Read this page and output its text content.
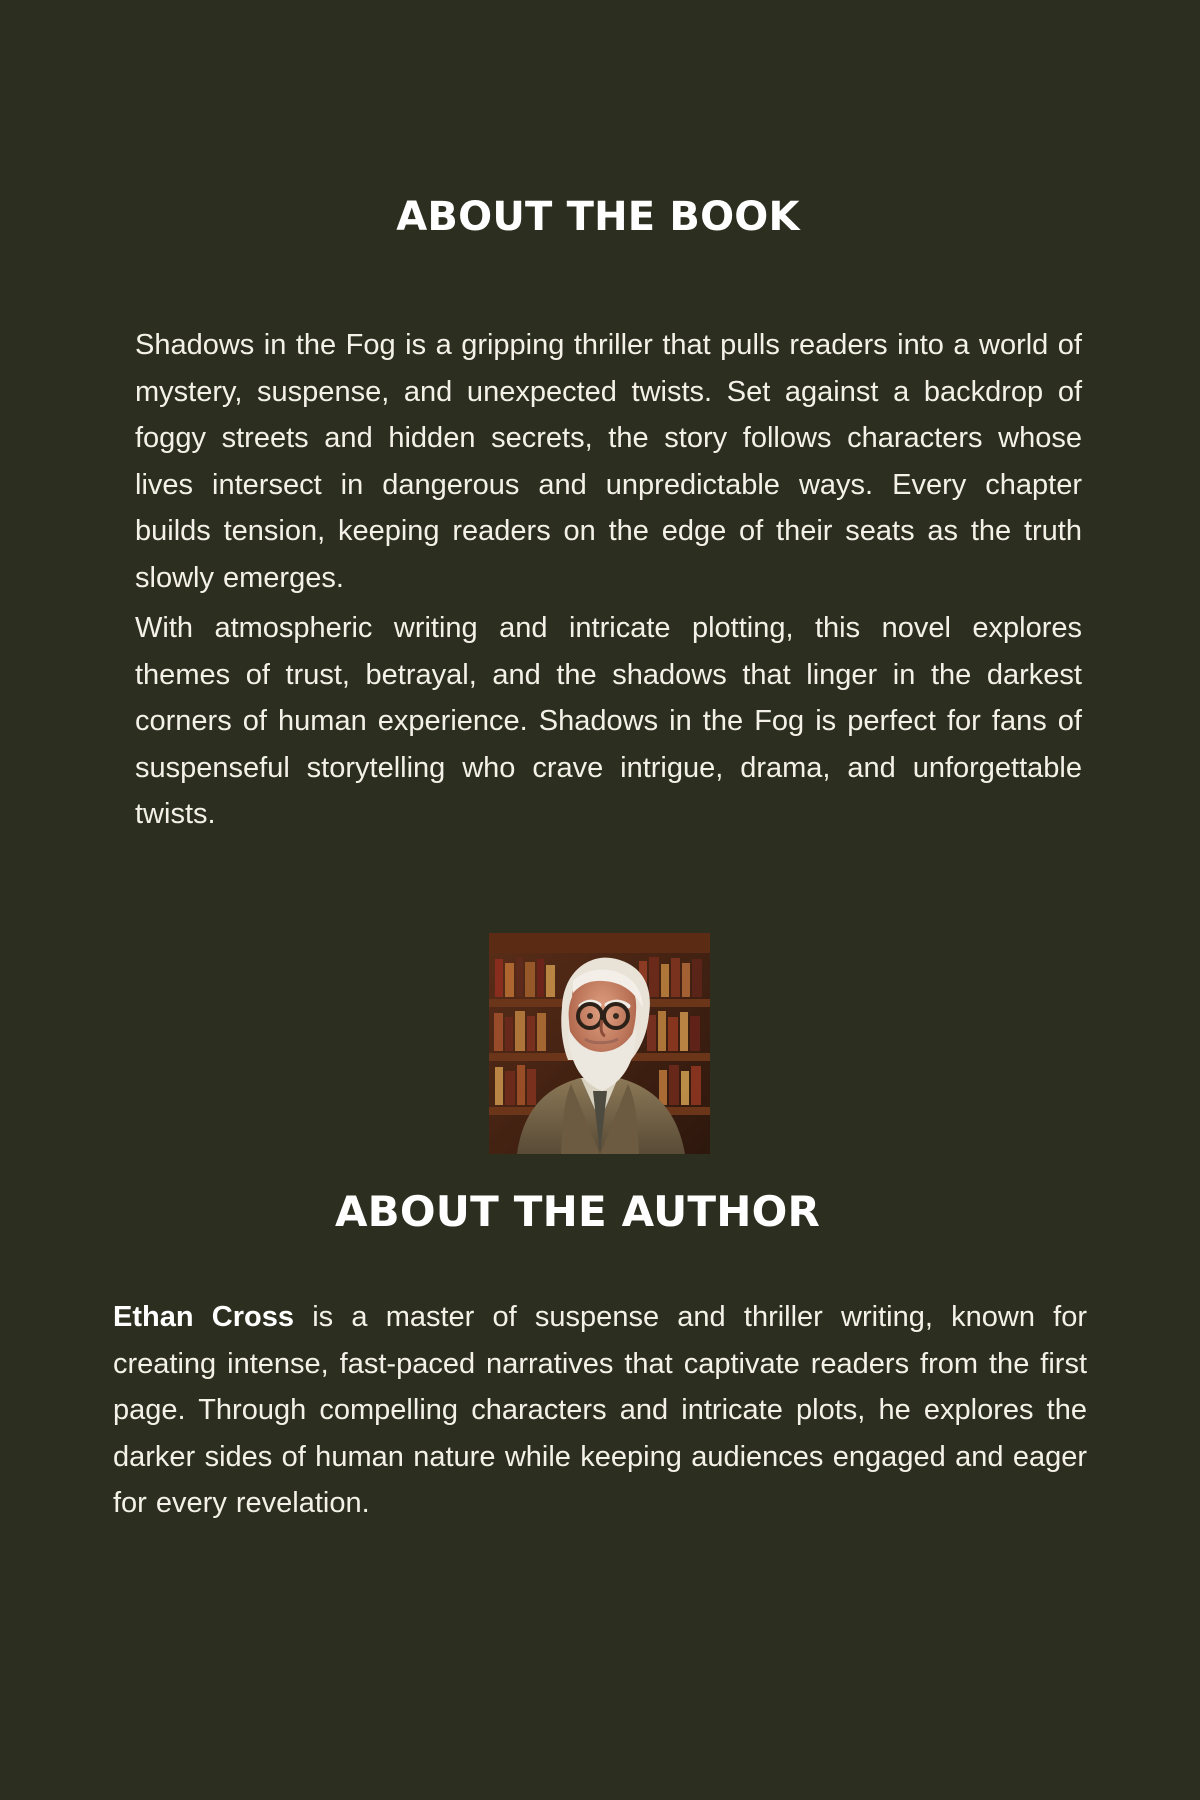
ABOUT THE BOOK

Shadows in the Fog is a gripping thriller that pulls readers into a world of mystery, suspense, and unexpected twists. Set against a backdrop of foggy streets and hidden secrets, the story follows characters whose lives intersect in dangerous and unpredictable ways. Every chapter builds tension, keeping readers on the edge of their seats as the truth slowly emerges.

With atmospheric writing and intricate plotting, this novel explores themes of trust, betrayal, and the shadows that linger in the darkest corners of human experience. Shadows in the Fog is perfect for fans of suspenseful storytelling who crave intrigue, drama, and unforgettable twists.

ABOUT THE AUTHOR

Ethan Cross is a master of suspense and thriller writing, known for creating intense, fast-paced narratives that captivate readers from the first page. Through compelling characters and intricate plots, he explores the darker sides of human nature while keeping audiences engaged and eager for every revelation.
